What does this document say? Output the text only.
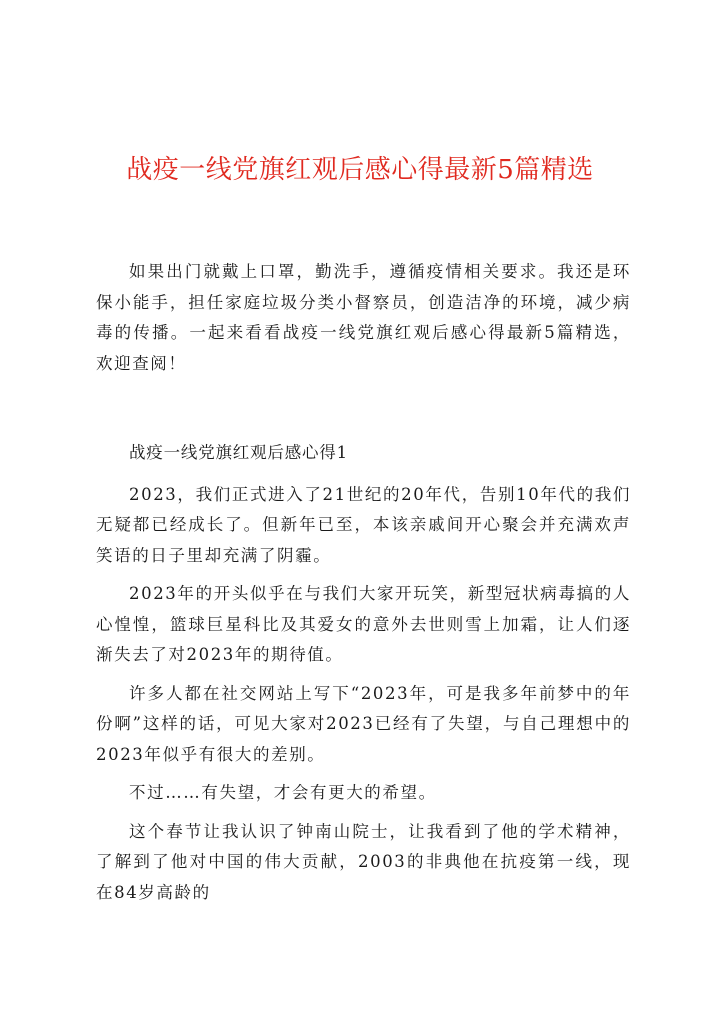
战疫一线党旗红观后感心得最新5篇精选

如果出门就戴上口罩，勤洗手，遵循疫情相关要求。我还是环保小能手，担任家庭垃圾分类小督察员，创造洁净的环境，减少病毒的传播。一起来看看战疫一线党旗红观后感心得最新5篇精选，欢迎查阅！

战疫一线党旗红观后感心得1

2023，我们正式进入了21世纪的20年代，告别10年代的我们无疑都已经成长了。但新年已至，本该亲戚间开心聚会并充满欢声笑语的日子里却充满了阴霾。

2023年的开头似乎在与我们大家开玩笑，新型冠状病毒搞的人心惶惶，篮球巨星科比及其爱女的意外去世则雪上加霜，让人们逐渐失去了对2023年的期待值。

许多人都在社交网站上写下“2023年，可是我多年前梦中的年份啊”这样的话，可见大家对2023已经有了失望，与自己理想中的2023年似乎有很大的差别。

不过……有失望，才会有更大的希望。

这个春节让我认识了钟南山院士，让我看到了他的学术精神，了解到了他对中国的伟大贡献，2003的非典他在抗疫第一线，现在84岁高龄的
